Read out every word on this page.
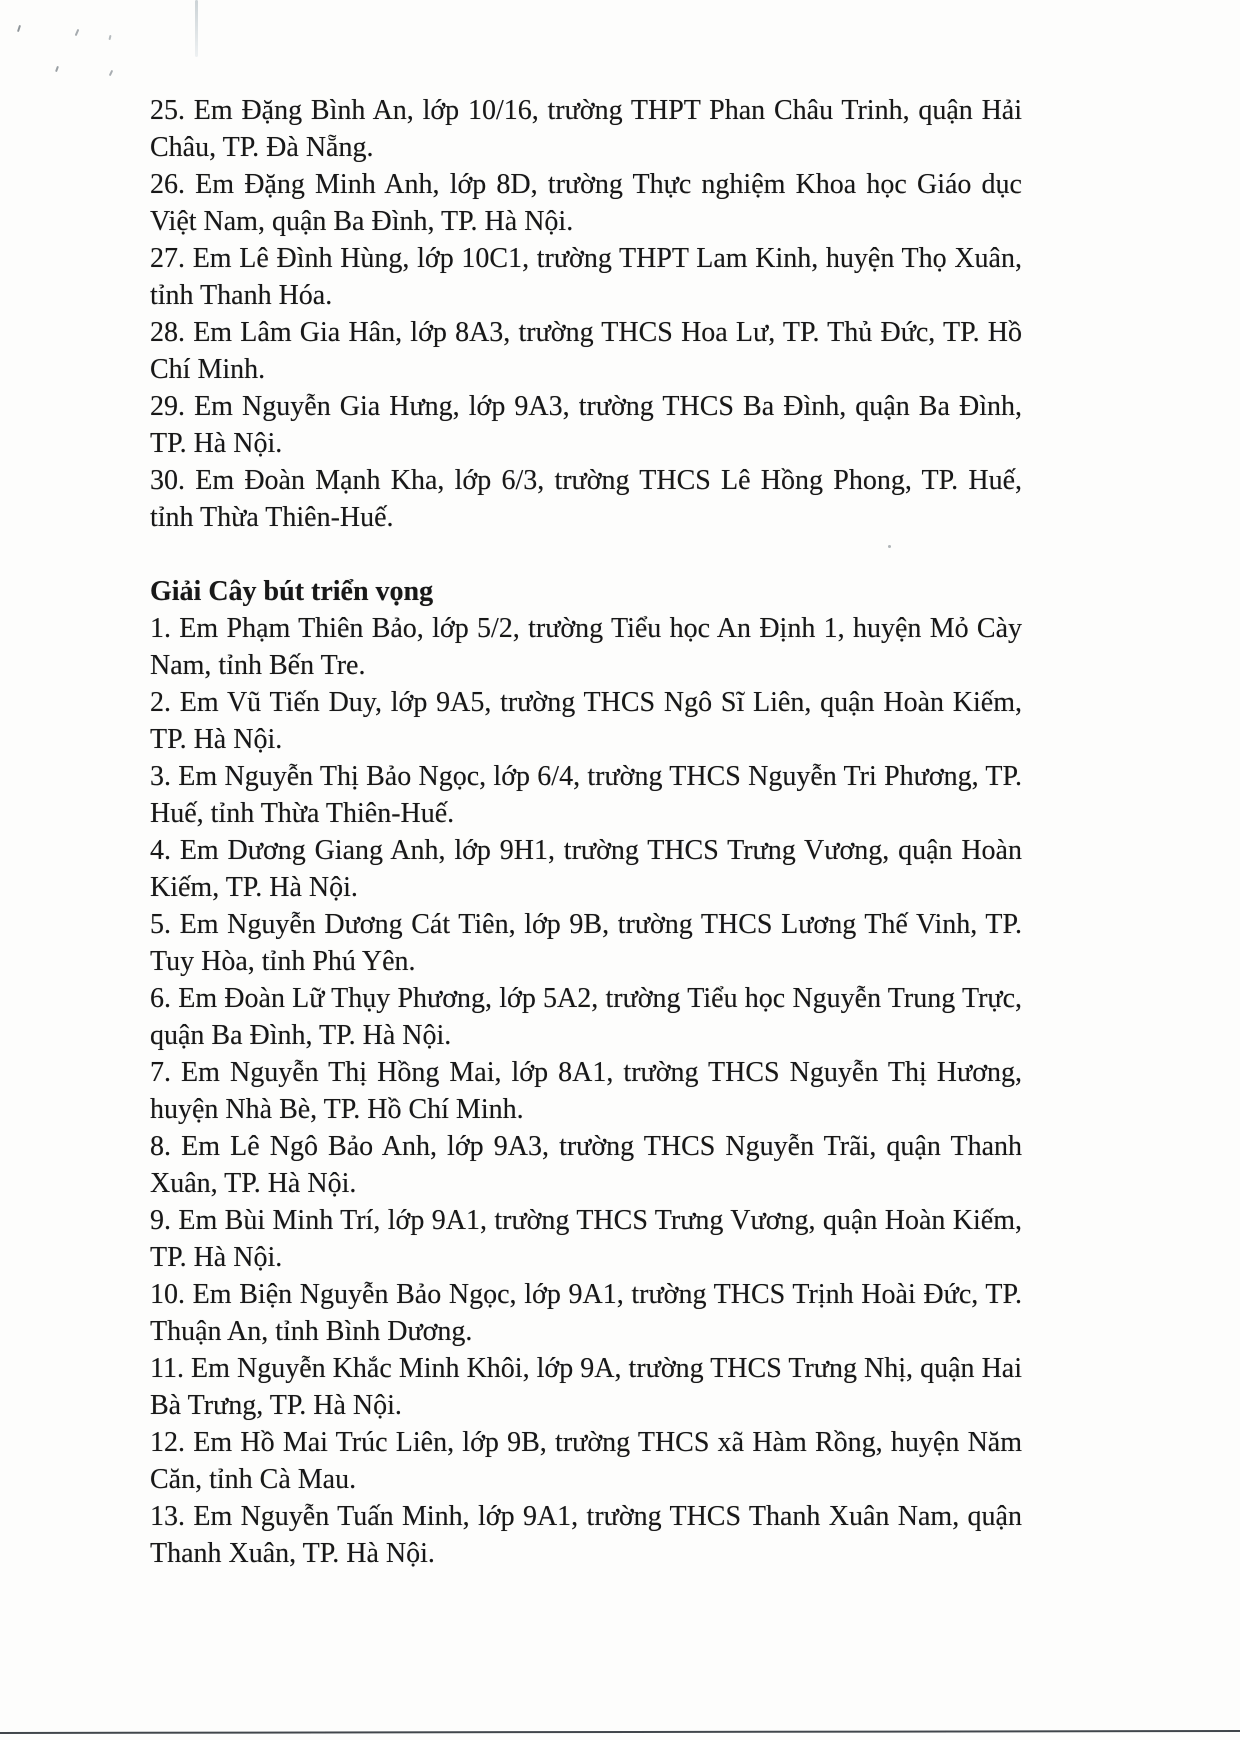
25. Em Đặng Bình An, lớp 10/16, trường THPT Phan Châu Trinh, quận Hải Châu, TP. Đà Nẵng.

26. Em Đặng Minh Anh, lớp 8D, trường Thực nghiệm Khoa học Giáo dục Việt Nam, quận Ba Đình, TP. Hà Nội.

27. Em Lê Đình Hùng, lớp 10C1, trường THPT Lam Kinh, huyện Thọ Xuân, tỉnh Thanh Hóa.

28. Em Lâm Gia Hân, lớp 8A3, trường THCS Hoa Lư, TP. Thủ Đức, TP. Hồ Chí Minh.

29. Em Nguyễn Gia Hưng, lớp 9A3, trường THCS Ba Đình, quận Ba Đình, TP. Hà Nội.

30. Em Đoàn Mạnh Kha, lớp 6/3, trường THCS Lê Hồng Phong, TP. Huế, tỉnh Thừa Thiên-Huế.

Giải Cây bút triển vọng

1. Em Phạm Thiên Bảo, lớp 5/2, trường Tiểu học An Định 1, huyện Mỏ Cày Nam, tỉnh Bến Tre.

2. Em Vũ Tiến Duy, lớp 9A5, trường THCS Ngô Sĩ Liên, quận Hoàn Kiếm, TP. Hà Nội.

3. Em Nguyễn Thị Bảo Ngọc, lớp 6/4, trường THCS Nguyễn Tri Phương, TP. Huế, tỉnh Thừa Thiên-Huế.

4. Em Dương Giang Anh, lớp 9H1, trường THCS Trưng Vương, quận Hoàn Kiếm, TP. Hà Nội.

5. Em Nguyễn Dương Cát Tiên, lớp 9B, trường THCS Lương Thế Vinh, TP. Tuy Hòa, tỉnh Phú Yên.

6. Em Đoàn Lữ Thụy Phương, lớp 5A2, trường Tiểu học Nguyễn Trung Trực, quận Ba Đình, TP. Hà Nội.

7. Em Nguyễn Thị Hồng Mai, lớp 8A1, trường THCS Nguyễn Thị Hương, huyện Nhà Bè, TP. Hồ Chí Minh.

8. Em Lê Ngô Bảo Anh, lớp 9A3, trường THCS Nguyễn Trãi, quận Thanh Xuân, TP. Hà Nội.

9. Em Bùi Minh Trí, lớp 9A1, trường THCS Trưng Vương, quận Hoàn Kiếm, TP. Hà Nội.

10. Em Biện Nguyễn Bảo Ngọc, lớp 9A1, trường THCS Trịnh Hoài Đức, TP. Thuận An, tỉnh Bình Dương.

11. Em Nguyễn Khắc Minh Khôi, lớp 9A, trường THCS Trưng Nhị, quận Hai Bà Trưng, TP. Hà Nội.

12. Em Hồ Mai Trúc Liên, lớp 9B, trường THCS xã Hàm Rồng, huyện Năm Căn, tỉnh Cà Mau.

13. Em Nguyễn Tuấn Minh, lớp 9A1, trường THCS Thanh Xuân Nam, quận Thanh Xuân, TP. Hà Nội.
